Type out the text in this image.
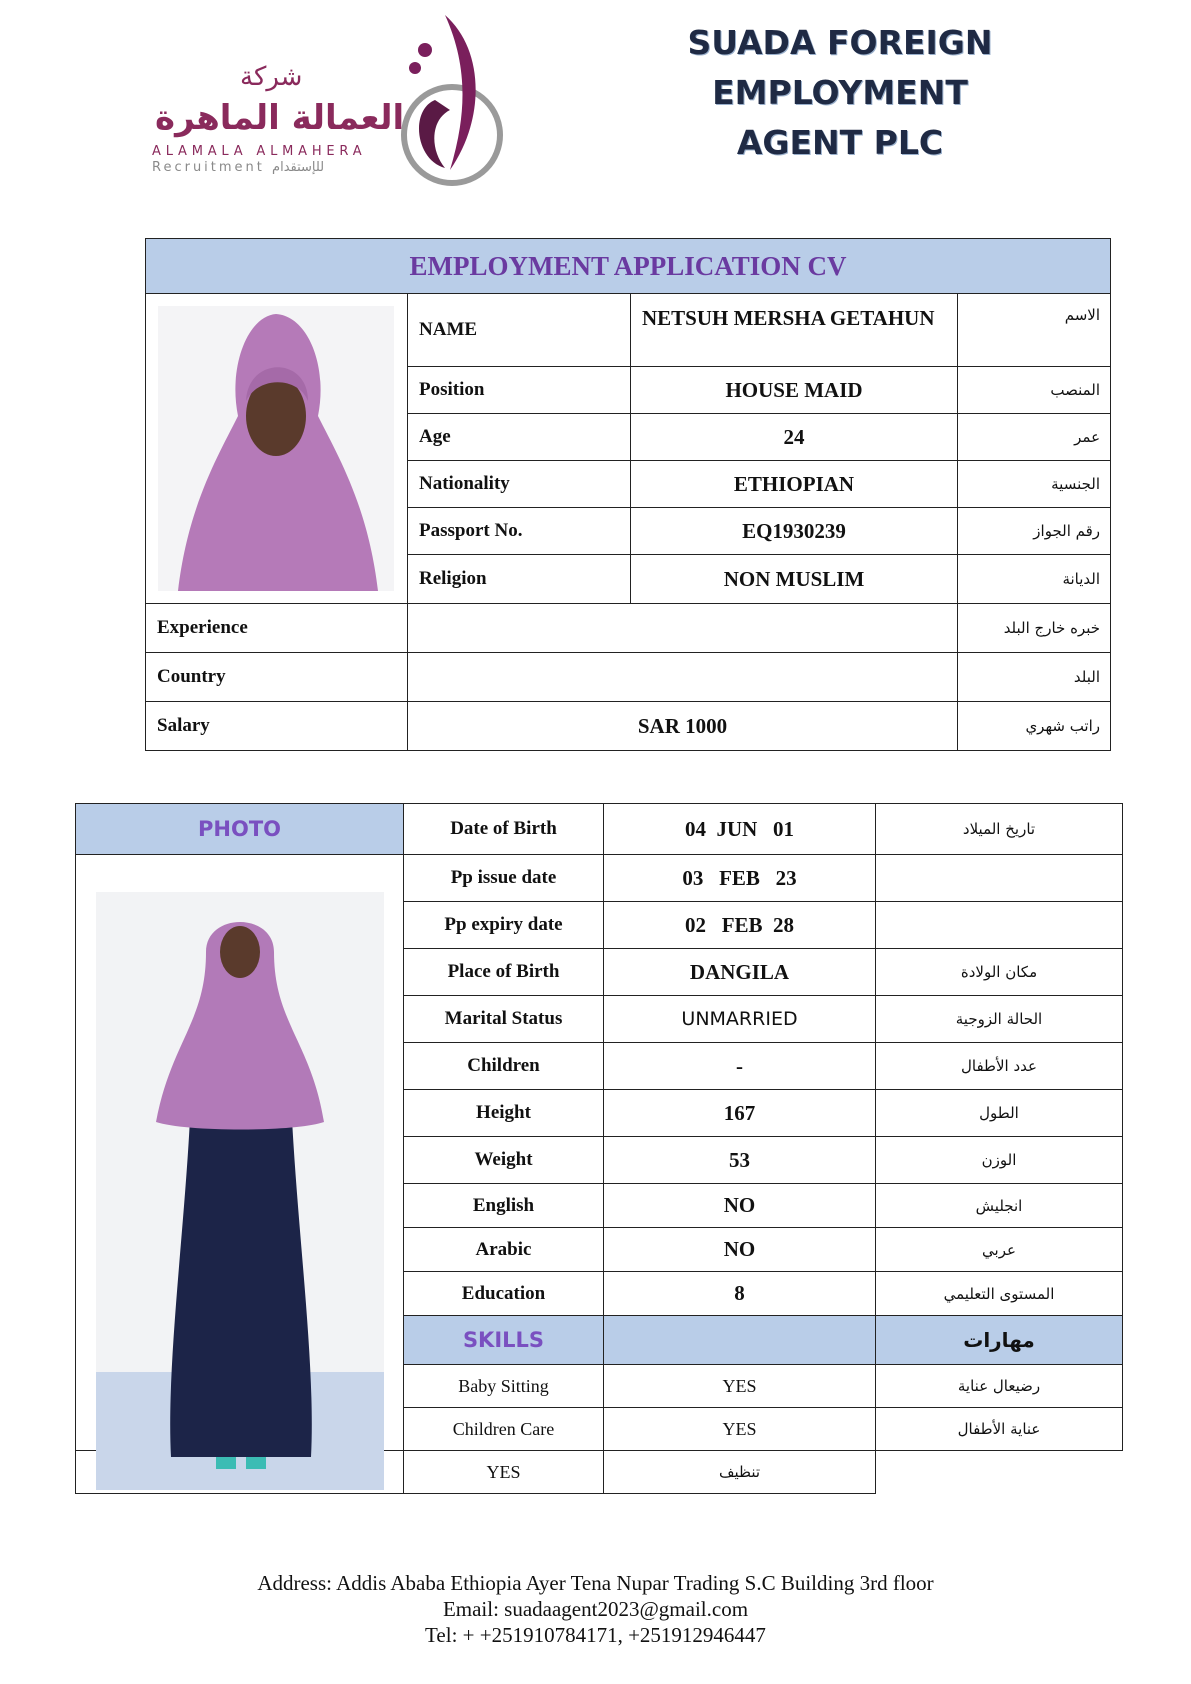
شركة
العمالة الماهرة
ALAMALA ALMAHERA
Recruitment للإستقدام
SUADA FOREIGN EMPLOYMENT
AGENT PLC
EMPLOYMENT APPLICATION CV			

	NAME	NETSUH MERSHA GETAHUN	الاسم
	Position	HOUSE MAID	المنصب
	Age	24	عمر
	Nationality	ETHIOPIAN	الجنسية
	Passport No.	EQ1930239	رقم الجواز
	Religion	NON MUSLIM	الديانة
Experience			خبره خارج البلد
Country			البلد
Salary	SAR 1000		راتب شهري
PHOTO	Date of Birth	04  JUN   01	تاريخ الميلاد

	Pp issue date	03   FEB   23	
	Pp expiry date	02   FEB  28	
	Place of Birth	DANGILA	مكان الولادة
	Marital Status	UNMARRIED	الحالة الزوجية
	Children	-	عدد الأطفال
	Height	167	الطول
	Weight	53	الوزن
	English	NO	انجليش
	Arabic	NO	عربي
	Education	8	المستوى التعليمي
	SKILLS		مهارات
	Baby Sitting	YES	رضيعال عناية
	Children Care	YES	عناية الأطفال
	YES	تنظيف	
Address: Addis Ababa Ethiopia Ayer Tena Nupar Trading S.C Building 3rd floor
Email: suadaagent2023@gmail.com
Tel: + +251910784171, +251912946447
